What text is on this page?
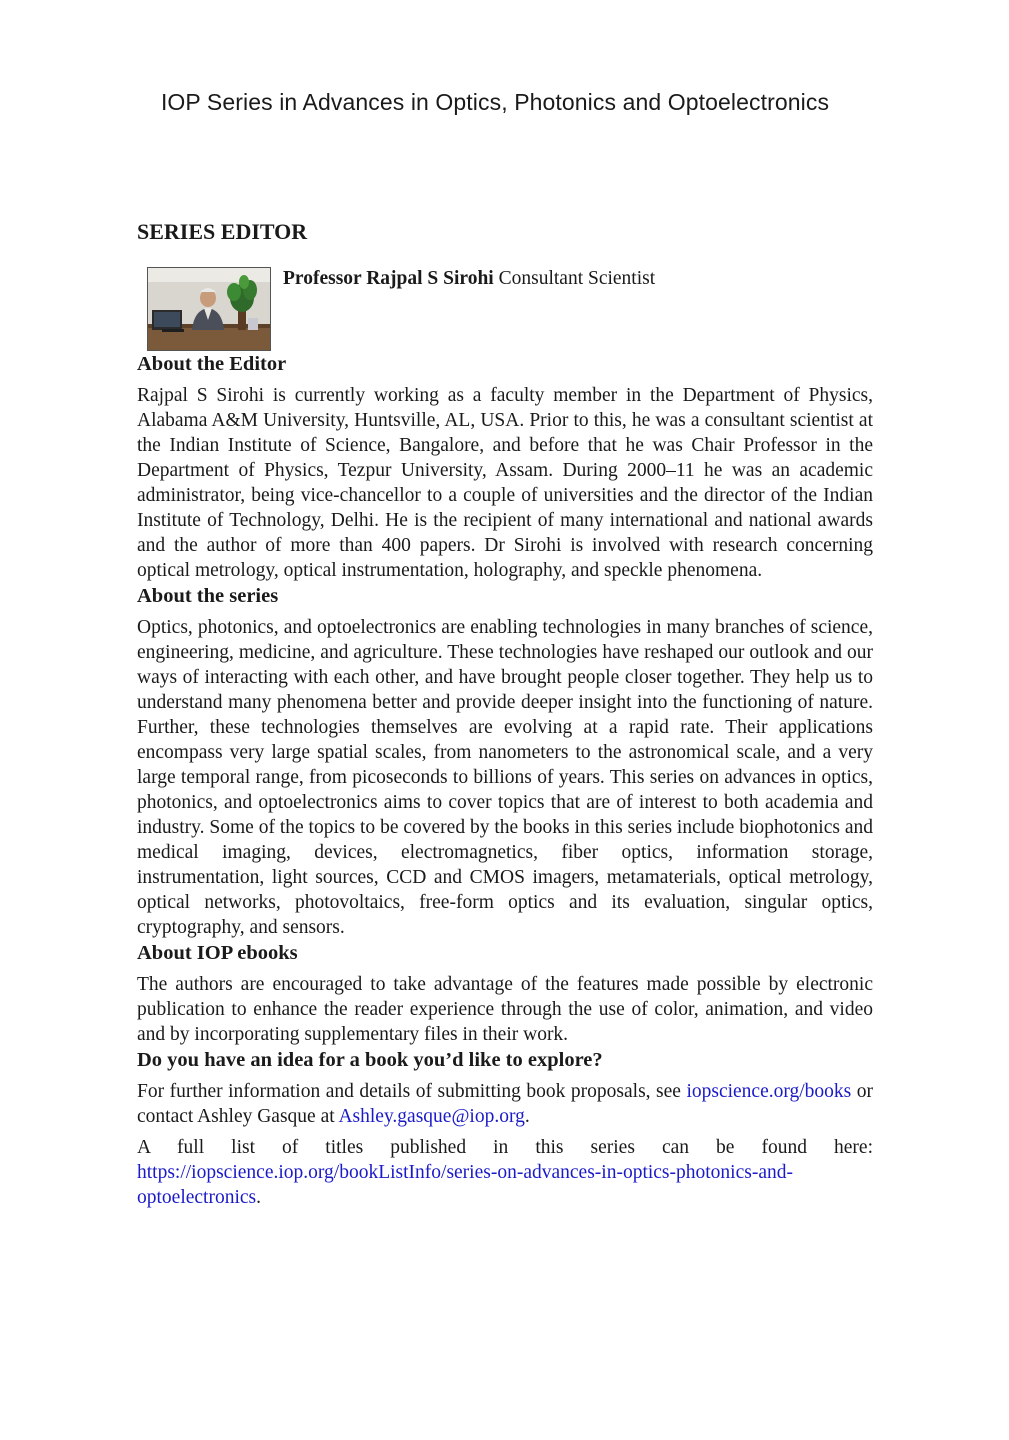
IOP Series in Advances in Optics, Photonics and Optoelectronics
SERIES EDITOR
Professor Rajpal S Sirohi Consultant Scientist
About the Editor

Rajpal S Sirohi is currently working as a faculty member in the Department of Physics, Alabama A&M University, Huntsville, AL, USA. Prior to this, he was a consultant scientist at the Indian Institute of Science, Bangalore, and before that he was Chair Professor in the Department of Physics, Tezpur University, Assam. During 2000–11 he was an academic administrator, being vice-chancellor to a couple of universities and the director of the Indian Institute of Technology, Delhi. He is the recipient of many international and national awards and the author of more than 400 papers. Dr Sirohi is involved with research concerning optical metrology, optical instrumentation, holography, and speckle phenomena.

About the series

Optics, photonics, and optoelectronics are enabling technologies in many branches of science, engineering, medicine, and agriculture. These technologies have reshaped our outlook and our ways of interacting with each other, and have brought people closer together. They help us to understand many phenomena better and provide deeper insight into the functioning of nature. Further, these technologies themselves are evolving at a rapid rate. Their applications encompass very large spatial scales, from nanometers to the astronomical scale, and a very large temporal range, from picoseconds to billions of years. This series on advances in optics, photonics, and optoelectronics aims to cover topics that are of interest to both academia and industry. Some of the topics to be covered by the books in this series include biophotonics and medical imaging, devices, electromagnetics, fiber optics, information storage, instrumentation, light sources, CCD and CMOS imagers, metamaterials, optical metrology, optical networks, photovoltaics, free-form optics and its evaluation, singular optics, cryptography, and sensors.

About IOP ebooks

The authors are encouraged to take advantage of the features made possible by electronic publication to enhance the reader experience through the use of color, animation, and video and by incorporating supplementary files in their work.

Do you have an idea for a book you’d like to explore?

For further information and details of submitting book proposals, see iopscience.org/books or contact Ashley Gasque at Ashley.gasque@iop.org.

A full list of titles published in this series can be found here: https://iopscience.iop.org/bookListInfo/series-on-advances-in-optics-photonics-and-optoelectronics.
